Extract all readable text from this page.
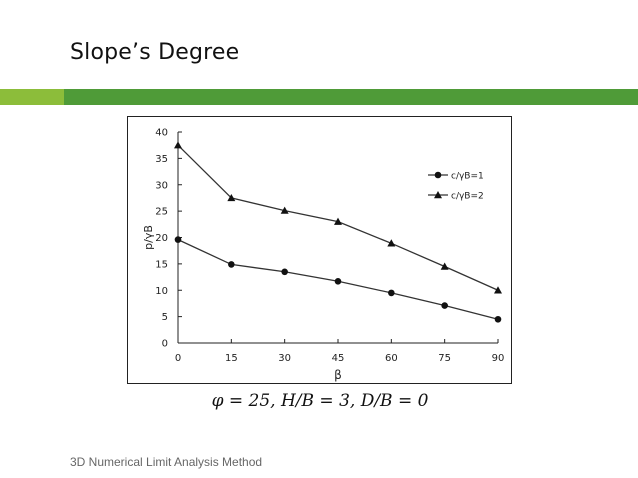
Slope’s Degree
0	15	30	45	60	75	90
0
5
10
15
20
25
30
35
40
β
p/γB
c/γB=1
c/γB=2
φ = 25, H/B = 3, D/B = 0
3D Numerical Limit Analysis Method
